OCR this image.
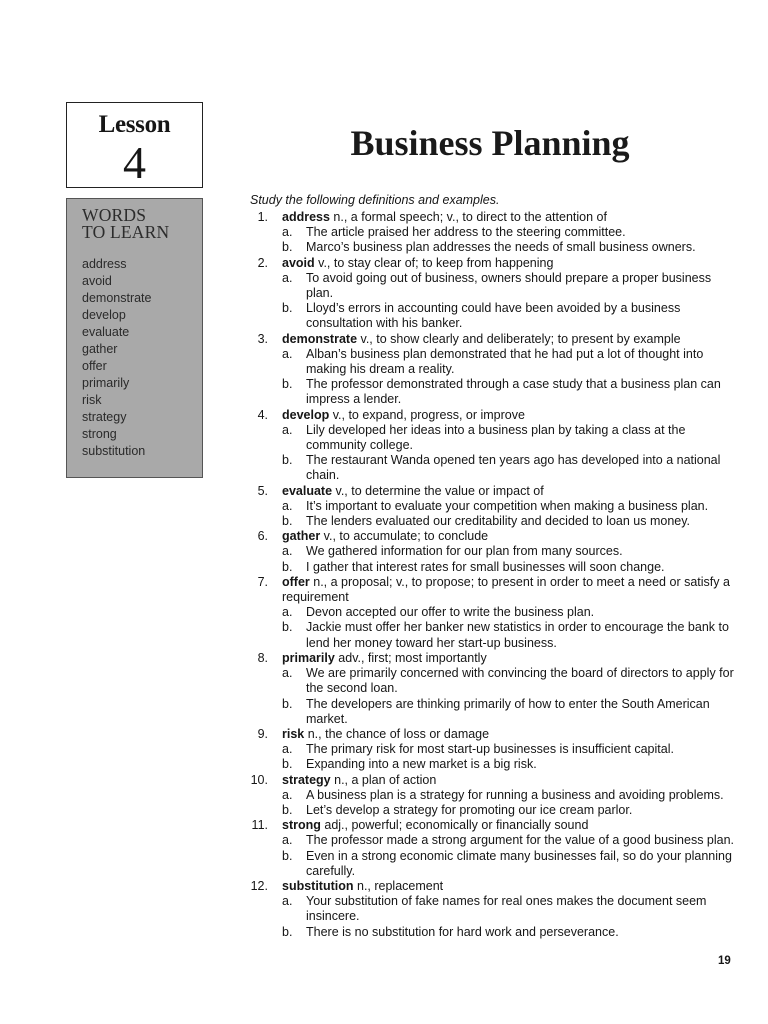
Lesson
4
WORDS
TO LEARN
address
avoid
demonstrate
develop
evaluate
gather
offer
primarily
risk
strategy
strong
substitution
Business Planning
Study the following definitions and examples.
1. address n., a formal speech; v., to direct to the attention of
a. The article praised her address to the steering committee.
b. Marco’s business plan addresses the needs of small business owners.
2. avoid v., to stay clear of; to keep from happening
a. To avoid going out of business, owners should prepare a proper business plan.
b. Lloyd’s errors in accounting could have been avoided by a business consultation with his banker.
3. demonstrate v., to show clearly and deliberately; to present by example
a. Alban’s business plan demonstrated that he had put a lot of thought into making his dream a reality.
b. The professor demonstrated through a case study that a business plan can impress a lender.
4. develop v., to expand, progress, or improve
a. Lily developed her ideas into a business plan by taking a class at the community college.
b. The restaurant Wanda opened ten years ago has developed into a national chain.
5. evaluate v., to determine the value or impact of
a. It’s important to evaluate your competition when making a business plan.
b. The lenders evaluated our creditability and decided to loan us money.
6. gather v., to accumulate; to conclude
a. We gathered information for our plan from many sources.
b. I gather that interest rates for small businesses will soon change.
7. offer n., a proposal; v., to propose; to present in order to meet a need or satisfy a requirement
a. Devon accepted our offer to write the business plan.
b. Jackie must offer her banker new statistics in order to encourage the bank to lend her money toward her start-up business.
8. primarily adv., first; most importantly
a. We are primarily concerned with convincing the board of directors to apply for the second loan.
b. The developers are thinking primarily of how to enter the South American market.
9. risk n., the chance of loss or damage
a. The primary risk for most start-up businesses is insufficient capital.
b. Expanding into a new market is a big risk.
10. strategy n., a plan of action
a. A business plan is a strategy for running a business and avoiding problems.
b. Let’s develop a strategy for promoting our ice cream parlor.
11. strong adj., powerful; economically or financially sound
a. The professor made a strong argument for the value of a good business plan.
b. Even in a strong economic climate many businesses fail, so do your planning carefully.
12. substitution n., replacement
a. Your substitution of fake names for real ones makes the document seem insincere.
b. There is no substitution for hard work and perseverance.
19
